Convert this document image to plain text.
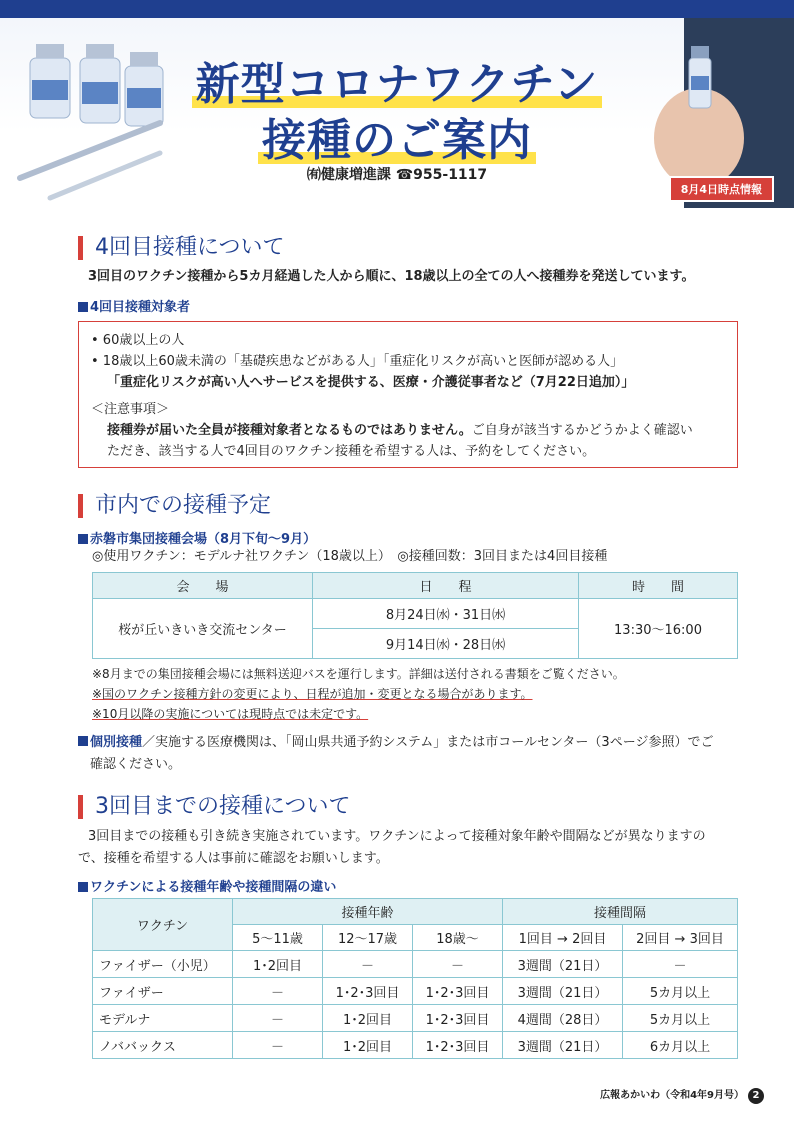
新型コロナワクチン
接種のご案内
㈲健康増進課 ☎955-1117
8月4日時点情報
4回目接種について
3回目のワクチン接種から5カ月経過した人から順に、18歳以上の全ての人へ接種券を発送しています。
4回目接種対象者
• 60歳以上の人
• 18歳以上60歳未満の「基礎疾患などがある人」「重症化リスクが高いと医師が認める人」
「重症化リスクが高い人へサービスを提供する、医療・介護従事者など（7月22日追加）」
＜注意事項＞
接種券が届いた全員が接種対象者となるものではありません。ご自身が該当するかどうかよく確認い
ただき、該当する人で4回目のワクチン接種を希望する人は、予約をしてください。
市内での接種予定
赤磐市集団接種会場（8月下旬～9月）
◎使用ワクチン：モデルナ社ワクチン（18歳以上）　◎接種回数：3回目または4回目接種
会　　場	日　　程	時　　間
桜が丘いきいき交流センター	8月24日㈬・31日㈬	13:30～16:00
	9月14日㈬・28日㈬	
※8月までの集団接種会場には無料送迎バスを運行します。詳細は送付される書類をご覧ください。
※国のワクチン接種方針の変更により、日程が追加・変更となる場合があります。
※10月以降の実施については現時点では未定です。
個別接種／実施する医療機関は、「岡山県共通予約システム」または市コールセンター（3ページ参照）でご
確認ください。
3回目までの接種について
3回目までの接種も引き続き実施されています。ワクチンによって接種対象年齢や間隔などが異なりますの
で、接種を希望する人は事前に確認をお願いします。
ワクチンによる接種年齢や接種間隔の違い
ワクチン	接種年齢			接種間隔	
	5～11歳	12～17歳	18歳～	1回目 → 2回目	2回目 → 3回目
ファイザー（小児）	1･2回目	－	－	3週間（21日）	－
ファイザー	－	1･2･3回目	1･2･3回目	3週間（21日）	5カ月以上
モデルナ	－	1･2回目	1･2･3回目	4週間（28日）	5カ月以上
ノババックス	－	1･2回目	1･2･3回目	3週間（21日）	6カ月以上
広報あかいわ（令和4年9月号） 2
